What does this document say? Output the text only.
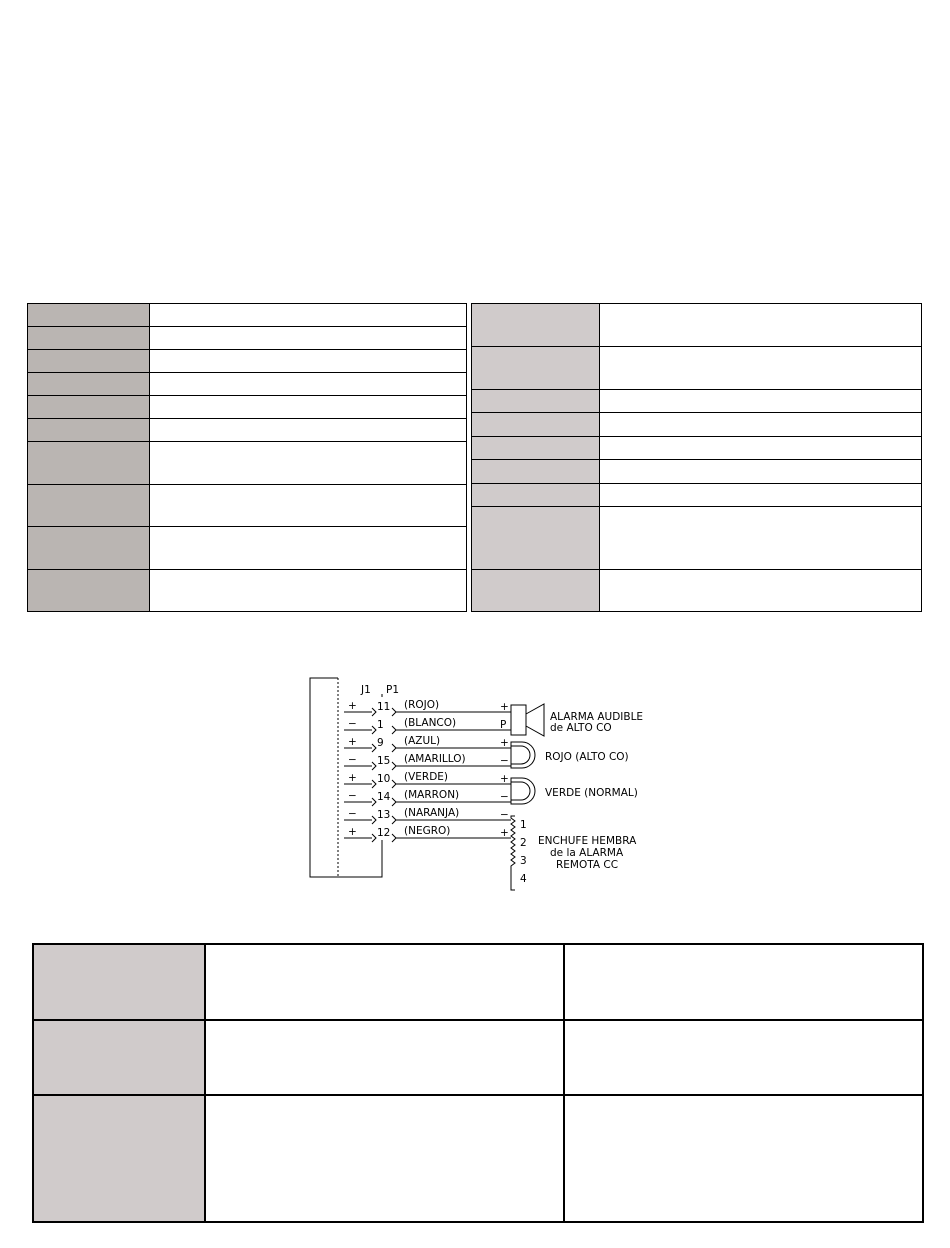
J1 P1
+ 11 (ROJO)	+
− 1 (BLANCO)	P
+ 9 (AZUL)	+
− 15 (AMARILLO)	−
+ 10 (VERDE)	+
− 14 (MARRON)	−
− 13 (NARANJA)	−
+ 12 (NEGRO)	+
ALARMA AUDIBLE
de ALTO CO
ROJO (ALTO CO)
VERDE (NORMAL)
ENCHUFE HEMBRA
de la ALARMA
REMOTA CC
1
2
3
4
